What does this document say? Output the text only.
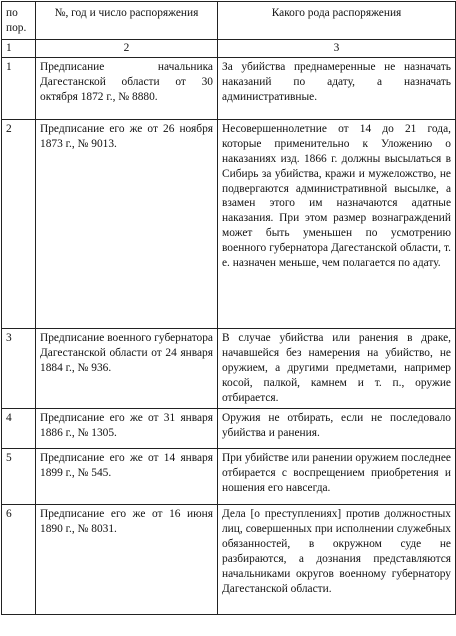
по пор.	№, год и число распоряжения	Какого рода распоряжения
1	2	3
1	Предписание начальника Дагестанской области от 30 октября 1872 г., № 8880.	За убийства преднамеренные не назначать наказаний по адату, а назначать административные.
2	Предписание его же от 26 ноября 1873 г., № 9013.	Несовершеннолетние от 14 до 21 года, которые применительно к Уложению о наказаниях изд. 1866 г. должны высылаться в Сибирь за убийства, кражи и мужеложство, не подвергаются административной высылке, а взамен этого им назначаются адатные наказания. При этом размер вознаграждений может быть уменьшен по усмотрению военного губернатора Дагестанской области, т. е. назначен меньше, чем полагается по адату.
3	Предписание военного губернатора Дагестанской области от 24 января 1884 г., № 936.	В случае убийства или ранения в драке, начавшейся без намерения на убийство, не оружием, а другими предметами, например косой, палкой, камнем и т. п., оружие отбирается.
4	Предписание его же от 31 января 1886 г., № 1305.	Оружия не отбирать, если не последовало убийства и ранения.
5	Предписание его же от 14 января 1899 г., № 545.	При убийстве или ранении оружием последнее отбирается с воспрещением приобретения и ношения его навсегда.
6	Предписание его же от 16 июня 1890 г., № 8031.	Дела [о преступлениях] против должностных лиц, совершенных при исполнении служебных обязанностей, в окружном суде не разбираются, а дознания представляются начальниками округов военному губернатору Дагестанской области.
